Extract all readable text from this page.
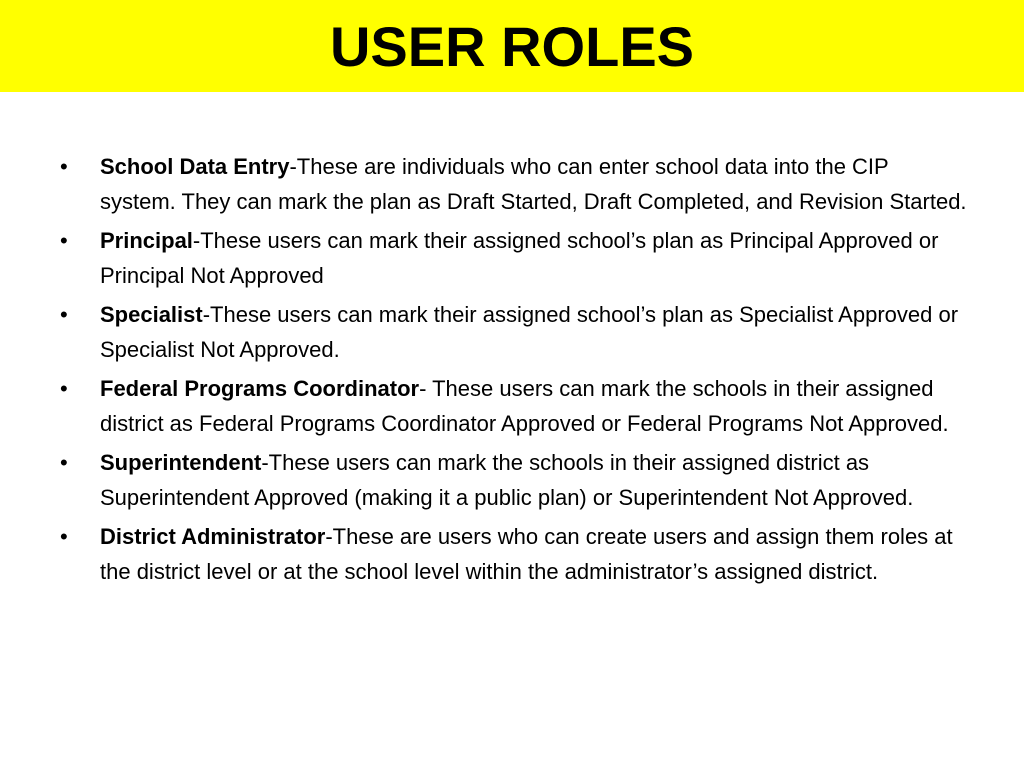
USER ROLES
• School Data Entry-These are individuals who can enter school data into the CIP system. They can mark the plan as Draft Started, Draft Completed, and Revision Started.
• Principal-These users can mark their assigned school’s plan as Principal Approved or Principal Not Approved
• Specialist-These users can mark their assigned school’s plan as Specialist Approved or Specialist Not Approved.
• Federal Programs Coordinator- These users can mark the schools in their assigned district as Federal Programs Coordinator Approved or Federal Programs Not Approved.
• Superintendent-These users can mark the schools in their assigned district as Superintendent Approved (making it a public plan) or Superintendent Not Approved.
• District Administrator-These are users who can create users and assign them roles at the district level or at the school level within the administrator’s assigned district.
